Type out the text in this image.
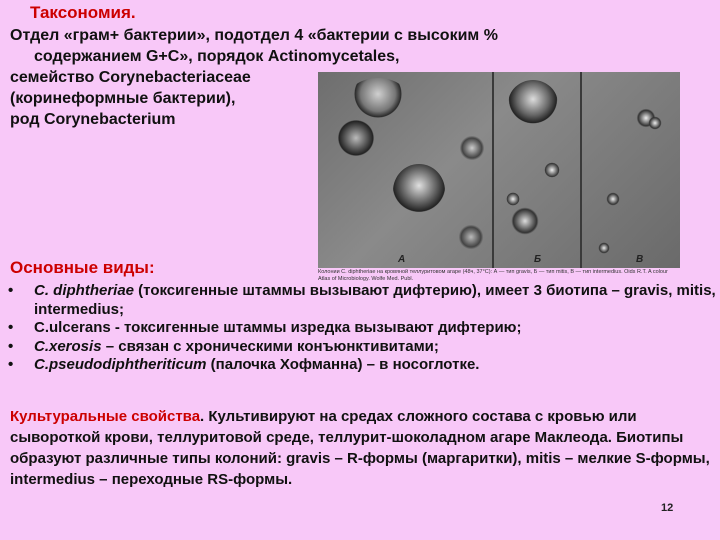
Таксономия.
Отдел «грам+ бактерии», подотдел 4 «бактерии с высоким %
содержанием G+C», порядок Actinomycetales,
семейство Corynebacteriaceae
(коринеформные бактерии),
род Corynebacterium
А	Б	В
Колонии C. diphtheriae на кровяной теллуритовом агаре (48ч, 37°С): А — тип gravis, Б — тип mitis, В — тип intermedius. Oids R.T. A colour Atlas of Microbiology. Wolfe Med. Publ.
Основные виды:
•	C. diphtheriae (токсигенные штаммы вызывают дифтерию), имеет 3 биотипа – gravis, mitis, intermedius;
•	C.ulcerans - токсигенные штаммы изредка вызывают дифтерию;
•	C.xerosis – связан с хроническими конъюнктивитами;
•	C.pseudodiphtheriticum (палочка Хофманна) – в носоглотке.
Культуральные свойства. Культивируют на средах сложного состава с кровью или сывороткой крови, теллуритовой среде, теллурит-шоколадном агаре Маклеода. Биотипы образуют различные типы колоний: gravis – R-формы (маргаритки), mitis – мелкие S-формы, intermedius – переходные RS-формы.
12
